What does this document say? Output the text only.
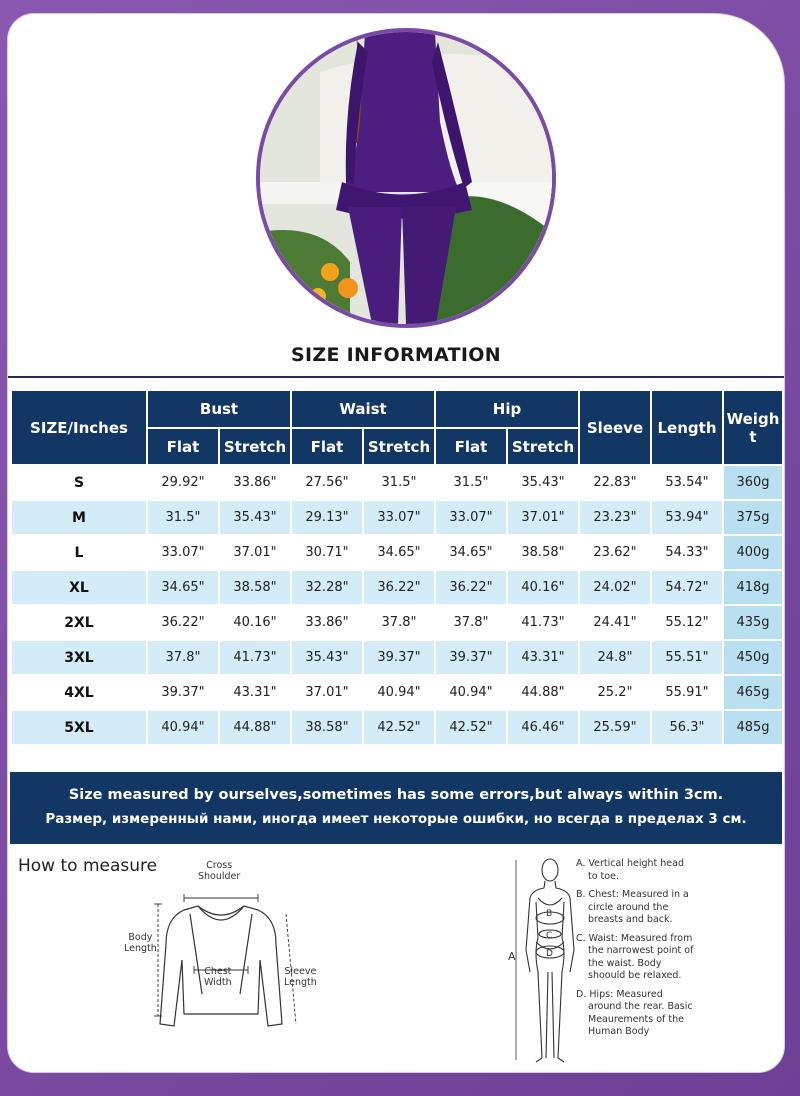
SIZE INFORMATION
SIZE/Inches	Bust		Waist		Hip		Sleeve	Length	Weigh
t
	Flat	Stretch	Flat	Stretch	Flat	Stretch			
S	29.92"	33.86"	27.56"	31.5"	31.5"	35.43"	22.83"	53.54"	360g
M	31.5"	35.43"	29.13"	33.07"	33.07"	37.01"	23.23"	53.94"	375g
L	33.07"	37.01"	30.71"	34.65"	34.65"	38.58"	23.62"	54.33"	400g
XL	34.65"	38.58"	32.28"	36.22"	36.22"	40.16"	24.02"	54.72"	418g
2XL	36.22"	40.16"	33.86"	37.8"	37.8"	41.73"	24.41"	55.12"	435g
3XL	37.8"	41.73"	35.43"	39.37"	39.37"	43.31"	24.8"	55.51"	450g
4XL	39.37"	43.31"	37.01"	40.94"	40.94"	44.88"	25.2"	55.91"	465g
5XL	40.94"	44.88"	38.58"	42.52"	42.52"	46.46"	25.59"	56.3"	485g
Size measured by ourselves,sometimes has some errors,but always within 3cm.
Размер, измеренный нами, иногда имеет некоторые ошибки, но всегда в пределах 3 см.
How to measure	Cross
Shoulder
Body
Length
Chest
Width
Sleeve
Length
A
B
C
D

A. Vertical height head to toe.

B. Chest: Measured in a circle around the breasts and back.

C. Waist: Measured from the narrowest point of the waist. Body shoould be relaxed.

D. Hips: Measured around the rear. Basic Meaurements of the Human Body
